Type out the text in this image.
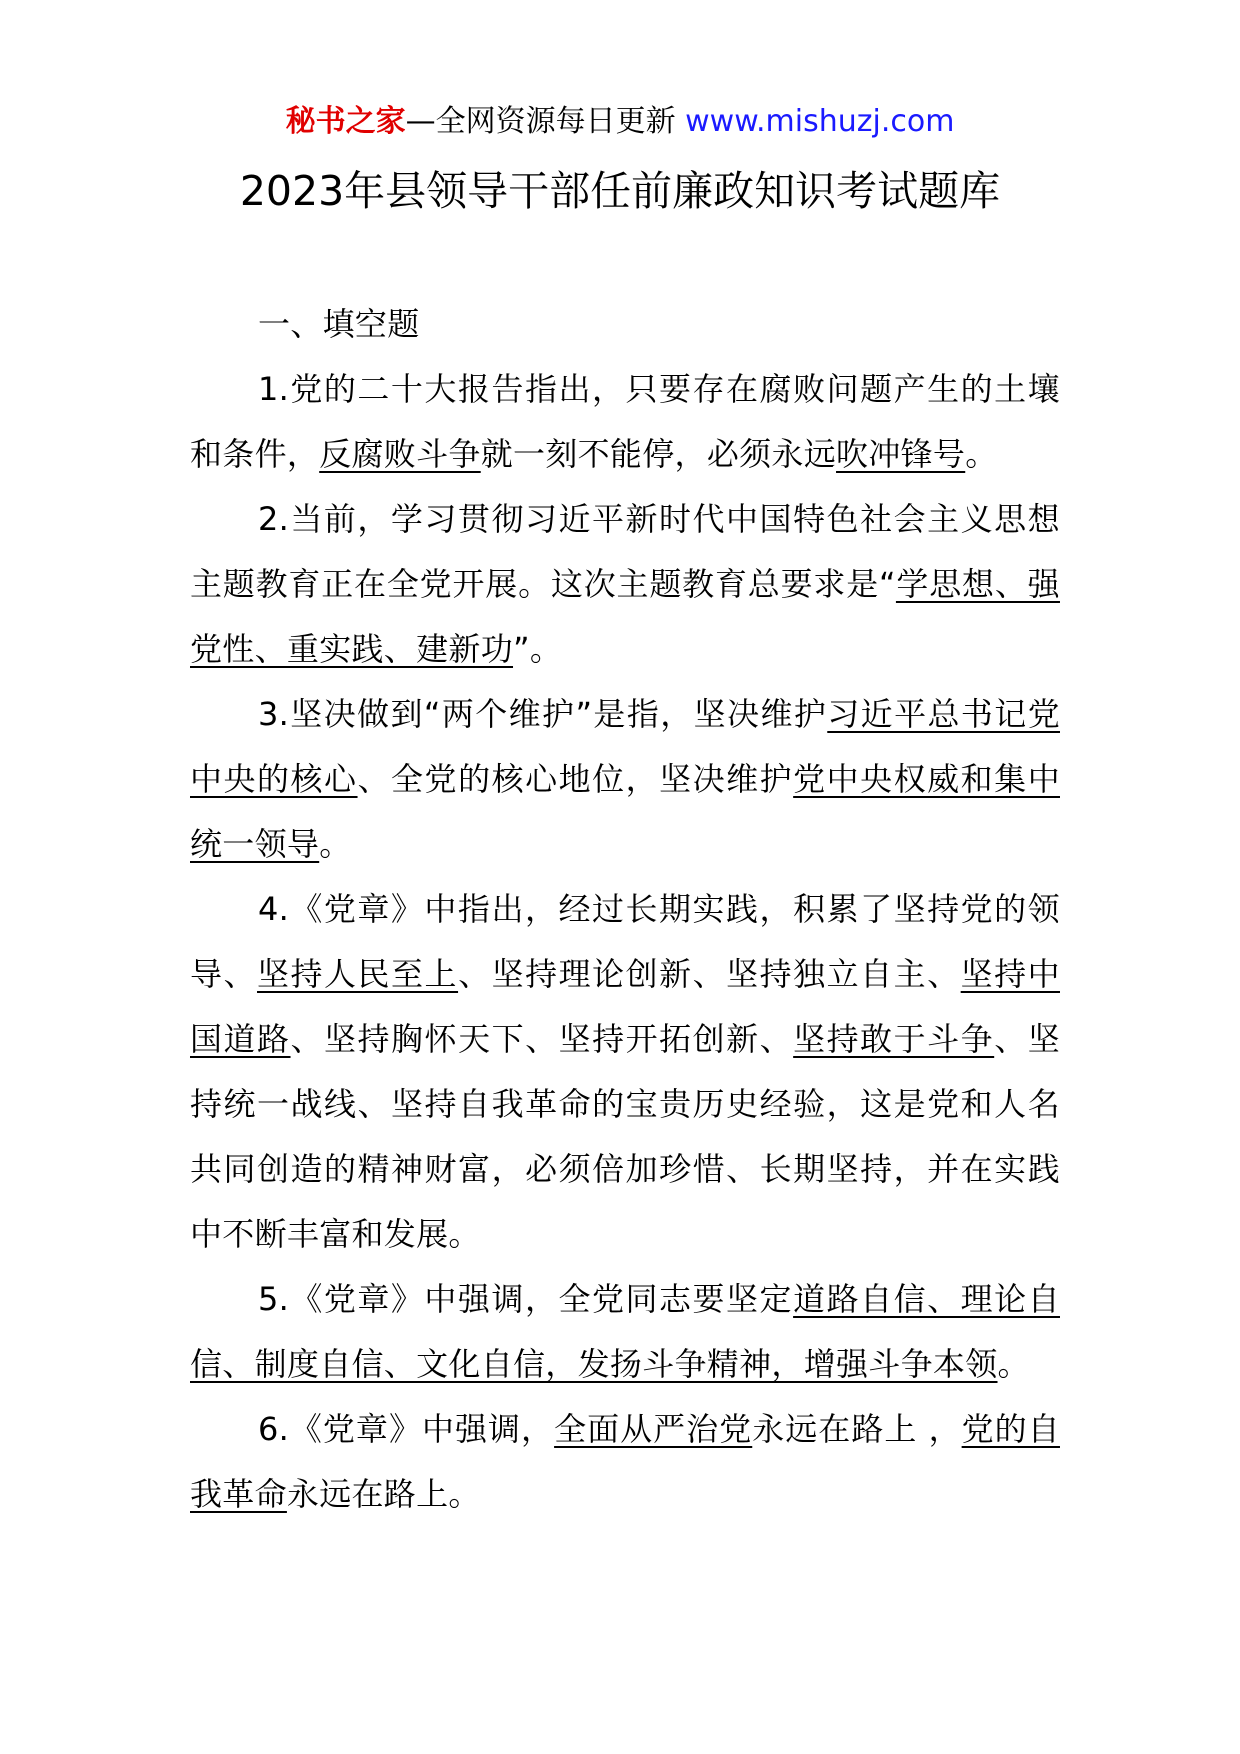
秘书之家—全网资源每日更新 www.mishuzj.com
2023年县领导干部任前廉政知识考试题库

一、填空题

1.党的二十大报告指出，只要存在腐败问题产生的土壤和条件，反腐败斗争就一刻不能停，必须永远吹冲锋号。

2.当前，学习贯彻习近平新时代中国特色社会主义思想主题教育正在全党开展。这次主题教育总要求是“学思想、强党性、重实践、建新功”。

3.坚决做到“两个维护”是指，坚决维护习近平总书记党中央的核心、全党的核心地位，坚决维护党中央权威和集中统一领导。

4.《党章》中指出，经过长期实践，积累了坚持党的领导、坚持人民至上、坚持理论创新、坚持独立自主、坚持中国道路、坚持胸怀天下、坚持开拓创新、坚持敢于斗争、坚持统一战线、坚持自我革命的宝贵历史经验，这是党和人名共同创造的精神财富，必须倍加珍惜、长期坚持，并在实践中不断丰富和发展。

5.《党章》中强调，全党同志要坚定道路自信、理论自信、制度自信、文化自信，发扬斗争精神，增强斗争本领。

6.《党章》中强调，全面从严治党永远在路上 ，党的自我革命永远在路上。
